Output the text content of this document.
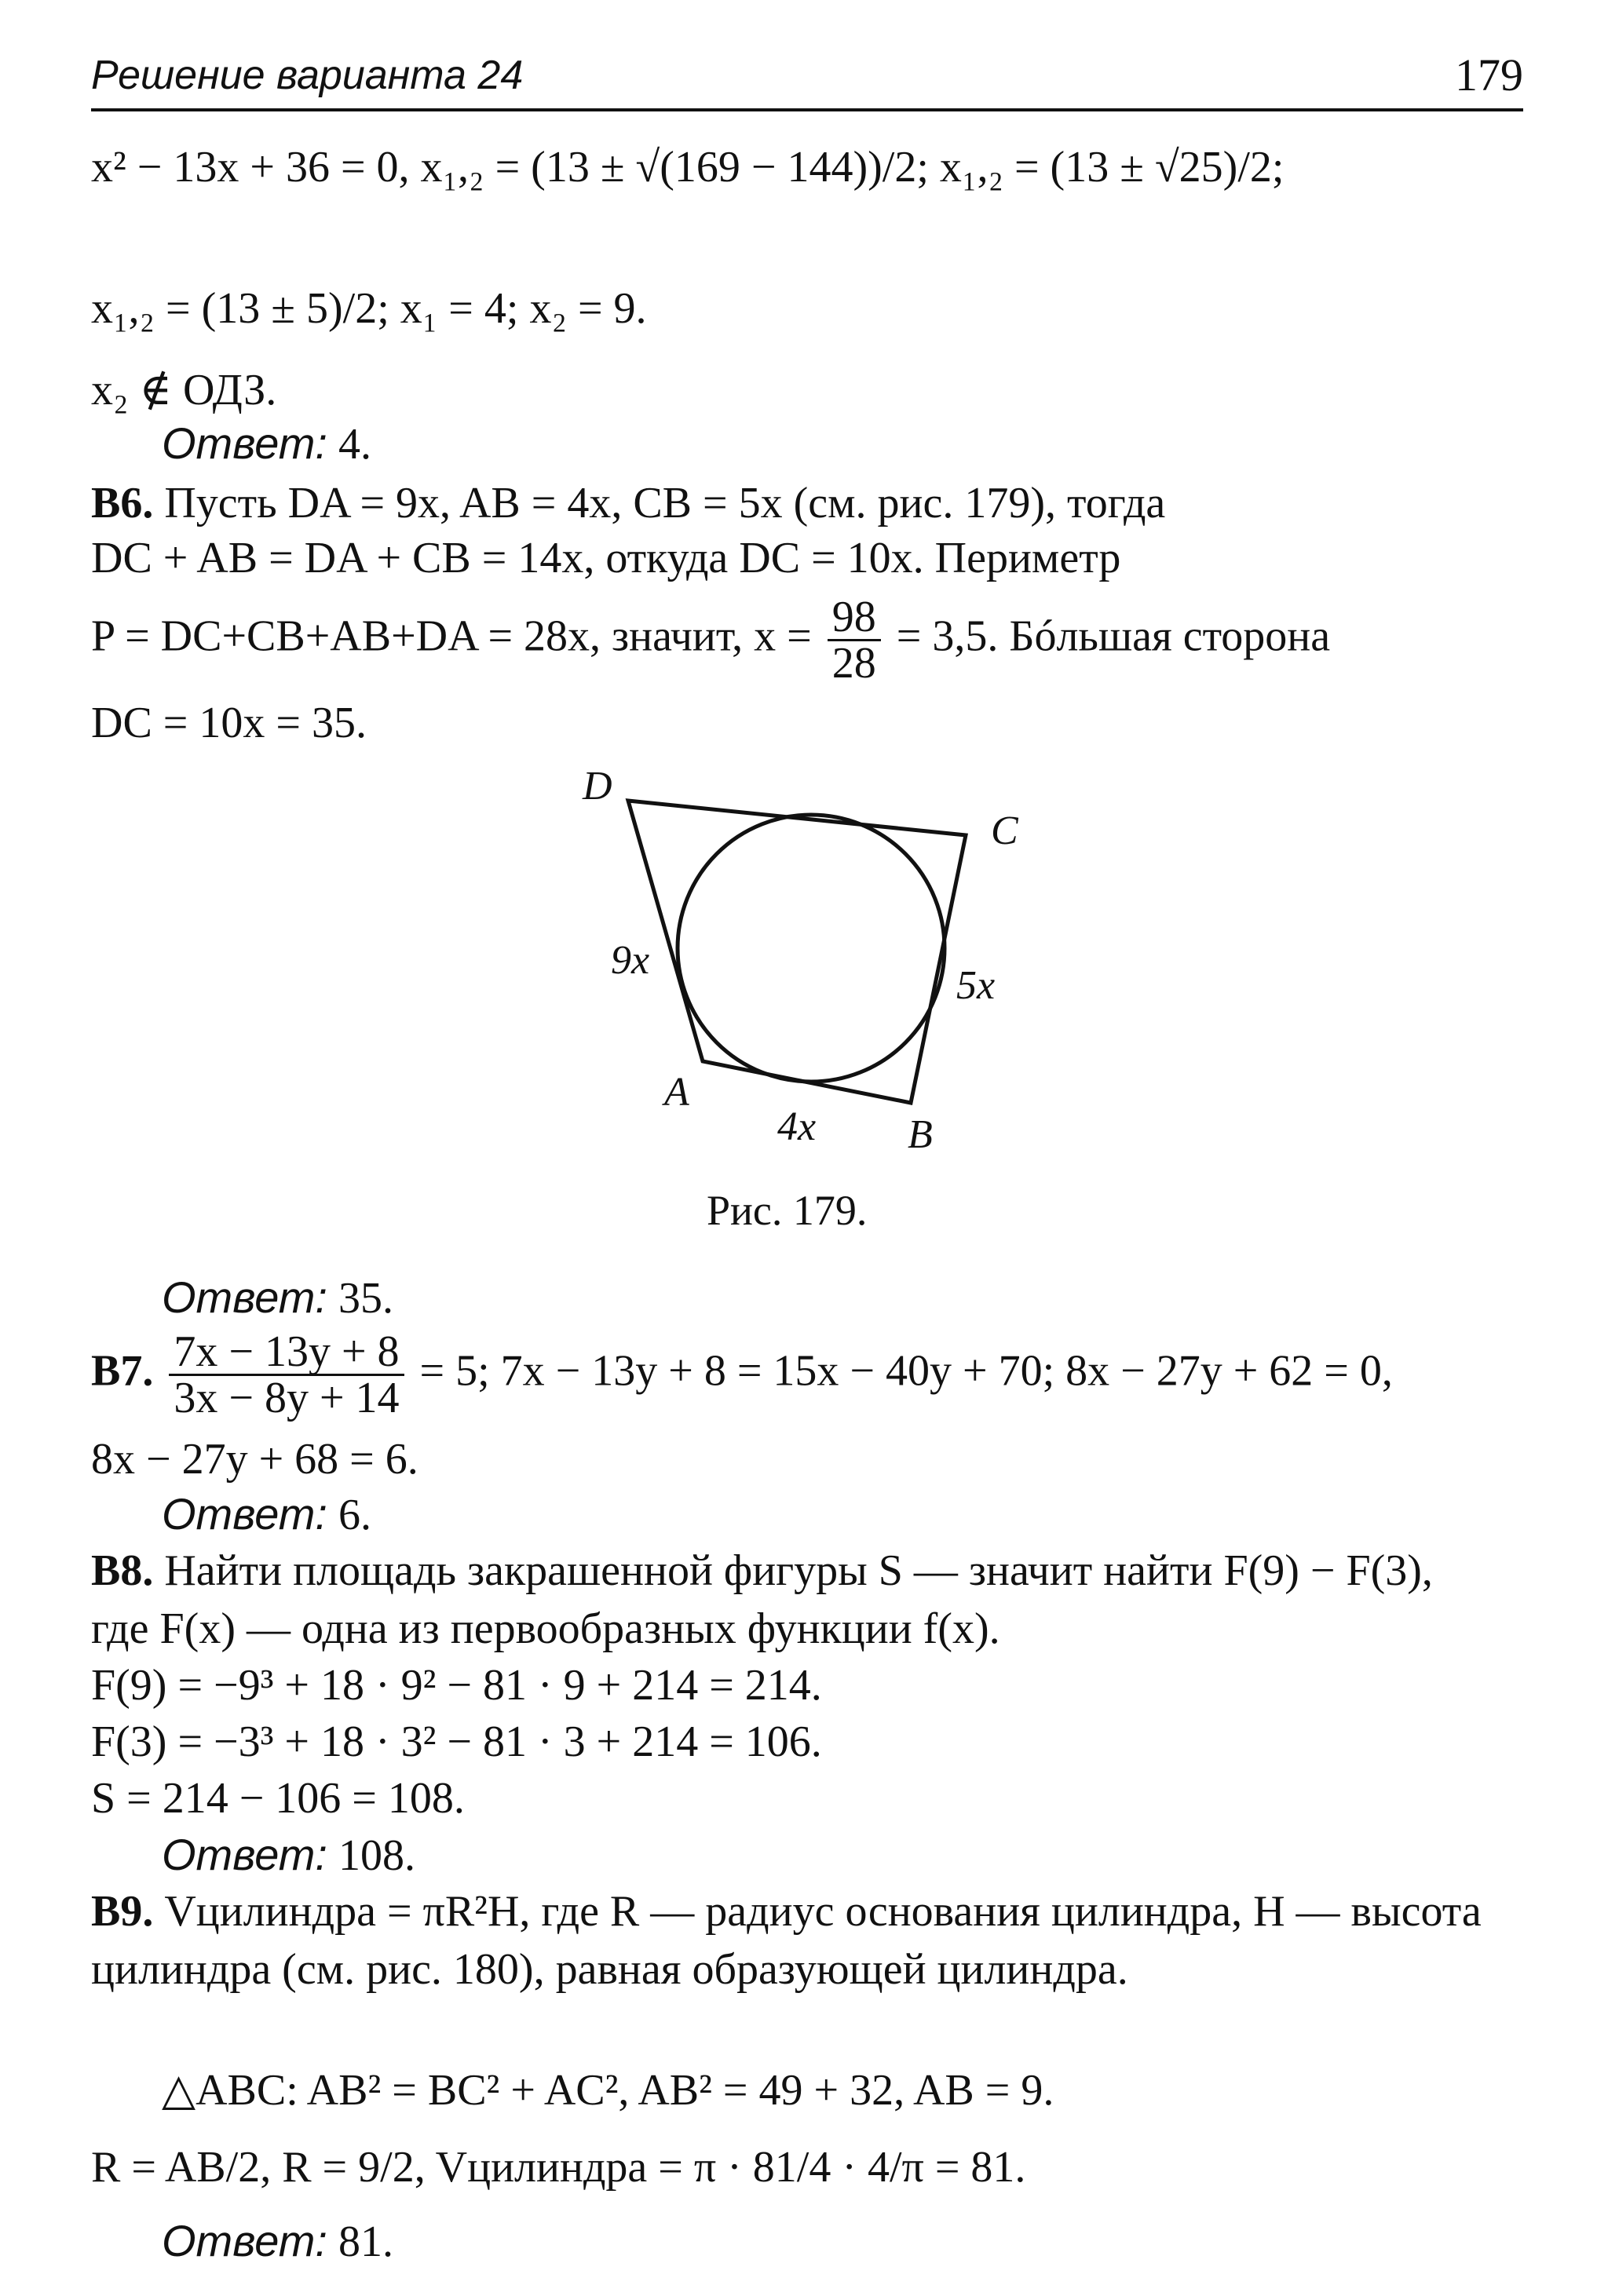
Решение варианта 24	179
x² − 13x + 36 = 0, x₁,₂ = (13 ± √(169 − 144))/2; x₁,₂ = (13 ± √25)/2;
x₁,₂ = (13 ± 5)/2; x₁ = 4; x₂ = 9.
x₂ ∉ ОДЗ.
Ответ: 4.
В6. Пусть DA = 9x, AB = 4x, CB = 5x (см. рис. 179), тогда
DC + AB = DA + CB = 14x, откуда DC = 10x. Периметр
P = DC+CB+AB+DA = 28x, значит, $x = \frac{98}{28} = 3,5$. Бóльшая сторона
DC = 10x = 35.
D
C
A
B
9x
5x
4x
Рис. 179.
Ответ: 35.
В7. $\frac{7x - 13y + 8}{3x - 8y + 14} = 5$; 7x − 13y + 8 = 15x − 40y + 70; 8x − 27y + 62 = 0,
8x − 27y + 68 = 6.
Ответ: 6.
В8. Найти площадь закрашенной фигуры S — значит найти F(9) − F(3),
где F(x) — одна из первообразных функции f(x).
F(9) = −9³ + 18 · 9² − 81 · 9 + 214 = 214.
F(3) = −3³ + 18 · 3² − 81 · 3 + 214 = 106.
S = 214 − 106 = 108.
Ответ: 108.
В9. Vцилиндра = πR²H, где R — радиус основания цилиндра, H — высота
цилиндра (см. рис. 180), равная образующей цилиндра.
△ABC: AB² = BC² + AC², AB² = 49 + 32, AB = 9.
R = AB/2, R = 9/2, Vцилиндра = π · 81/4 · 4/π = 81.
Ответ: 81.
